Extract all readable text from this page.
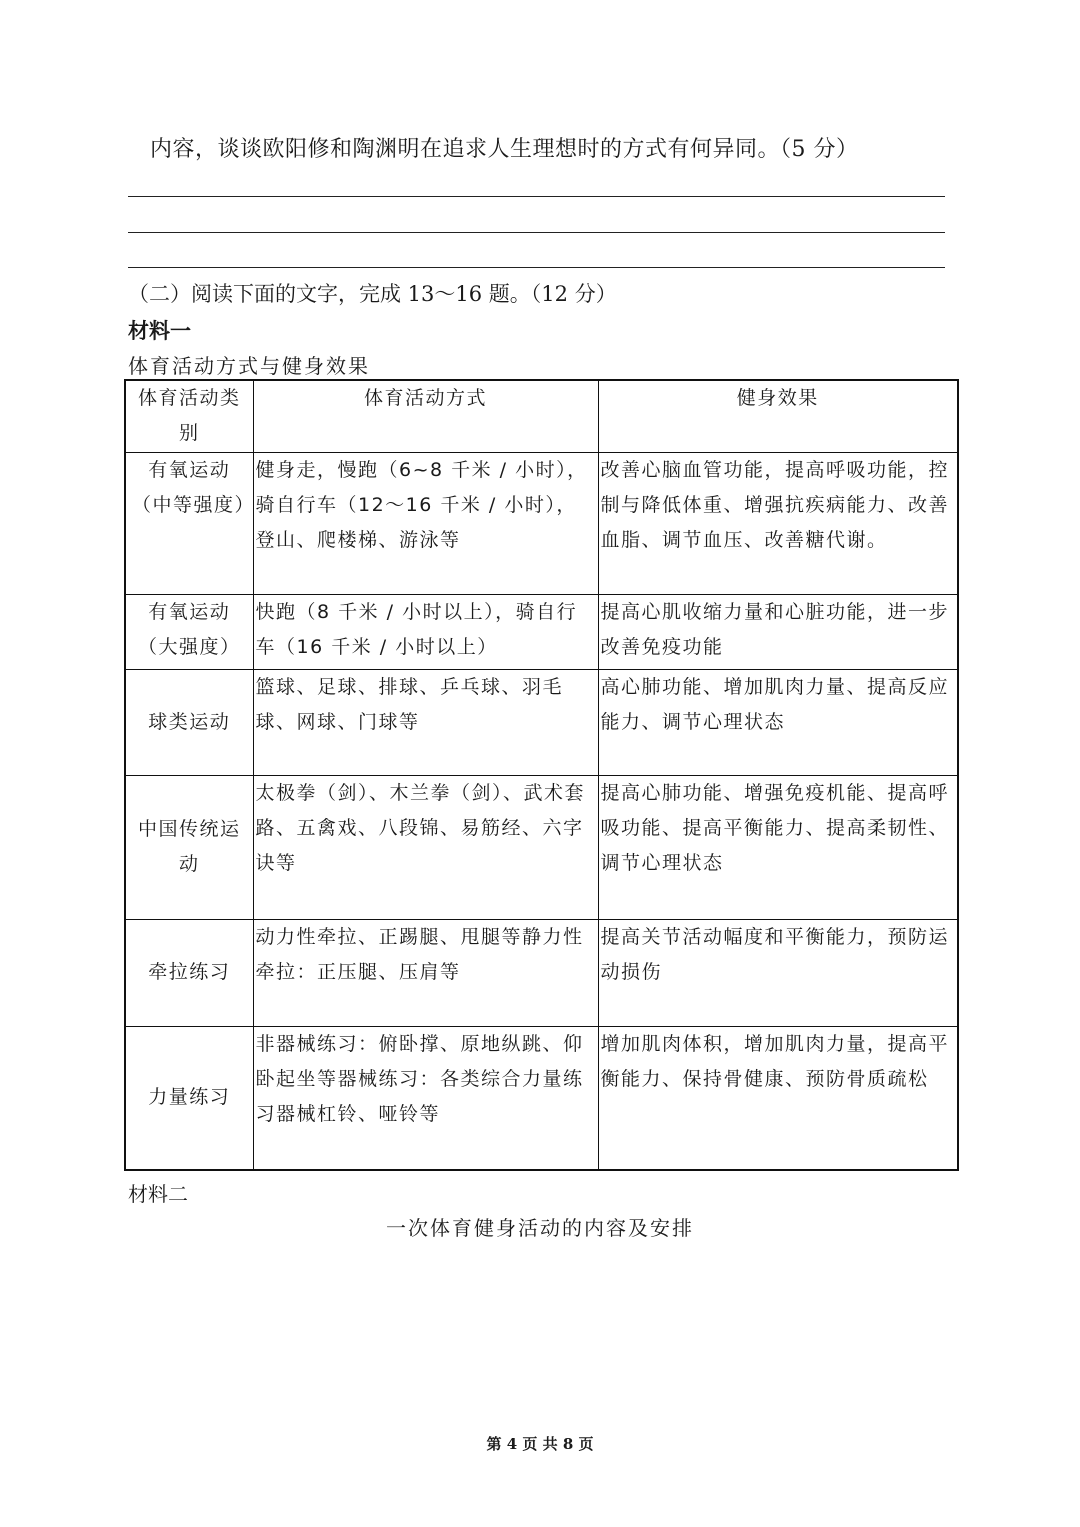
内容，谈谈欧阳修和陶渊明在追求人生理想时的方式有何异同。（5 分）
（二）阅读下面的文字，完成 13～16 题。（12 分）
材料一
体育活动方式与健身效果
体育活动类别	体育活动方式	健身效果
有氧运动（中等强度）	健身走，慢跑（6~8 千米 / 小时），骑自行车（12～16 千米 / 小时），登山、爬楼梯、游泳等	改善心脑血管功能，提高呼吸功能，控制与降低体重、增强抗疾病能力、改善血脂、调节血压、改善糖代谢。
有氧运动（大强度）	快跑（8 千米 / 小时以上），骑自行车（16 千米 / 小时以上）	提高心肌收缩力量和心脏功能，进一步改善免疫功能
球类运动	篮球、足球、排球、乒乓球、羽毛球、网球、门球等	高心肺功能、增加肌肉力量、提高反应能力、调节心理状态
中国传统运动	太极拳（剑）、木兰拳（剑）、武术套路、五禽戏、八段锦、易筋经、六字诀等	提高心肺功能、增强免疫机能、提高呼吸功能、提高平衡能力、提高柔韧性、调节心理状态
牵拉练习	动力性牵拉、正踢腿、甩腿等静力性牵拉：正压腿、压肩等	提高关节活动幅度和平衡能力，预防运动损伤
力量练习	非器械练习：俯卧撑、原地纵跳、仰卧起坐等器械练习：各类综合力量练习器械杠铃、哑铃等	增加肌肉体积，增加肌肉力量，提高平衡能力、保持骨健康、预防骨质疏松
材料二
一次体育健身活动的内容及安排
第 4 页 共 8 页
